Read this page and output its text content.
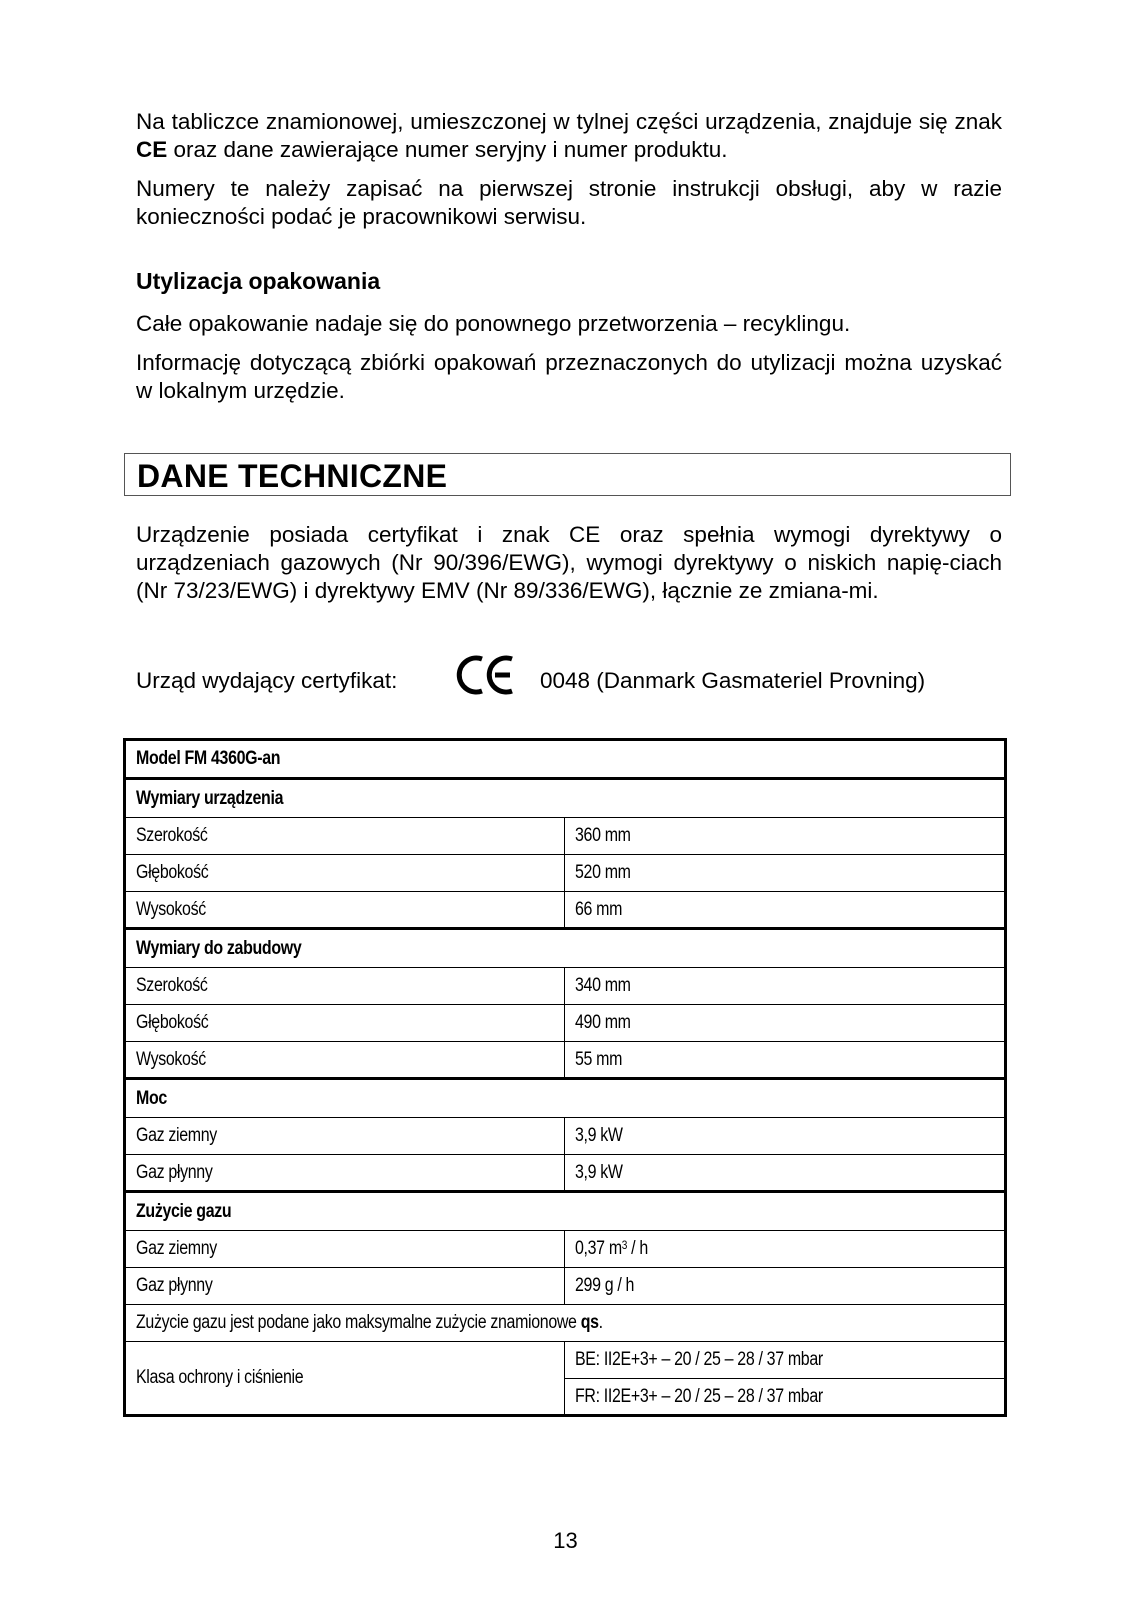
Na tabliczce znamionowej, umieszczonej w tylnej części urządzenia, znajduje się znak CE oraz dane zawierające numer seryjny i numer produktu.

Numery te należy zapisać na pierwszej stronie instrukcji obsługi, aby w razie konieczności podać je pracownikowi serwisu.

Utylizacja opakowania

Całe opakowanie nadaje się do ponownego przetworzenia – recyklingu.

Informację dotyczącą zbiórki opakowań przeznaczonych do utylizacji można uzyskać w lokalnym urzędzie.

DANE TECHNICZNE

Urządzenie posiada certyfikat i znak CE oraz spełnia wymogi dyrektywy o urządzeniach gazowych (Nr 90/396/EWG), wymogi dyrektywy o niskich napię-ciach (Nr 73/23/EWG) i dyrektywy EMV (Nr 89/336/EWG), łącznie ze zmiana-mi.

Urząd wydający certyfikat:	0048 (Danmark Gasmateriel Provning)
Model FM 4360G-an	
Wymiary urządzenia	
Szerokość	360 mm
Głębokość	520 mm
Wysokość	66 mm
Wymiary do zabudowy	
Szerokość	340 mm
Głębokość	490 mm
Wysokość	55 mm
Moc	
Gaz ziemny	3,9 kW
Gaz płynny	3,9 kW
Zużycie gazu	
Gaz ziemny	0,37 $m^3$ / h
Gaz płynny	299 g / h
Zużycie gazu jest podane jako maksymalne zużycie znamionowe qs.	
Klasa ochrony i ciśnienie	BE: II2E+3+ – 20 / 25 – 28 / 37 mbar
	FR: II2E+3+ – 20 / 25 – 28 / 37 mbar
13
